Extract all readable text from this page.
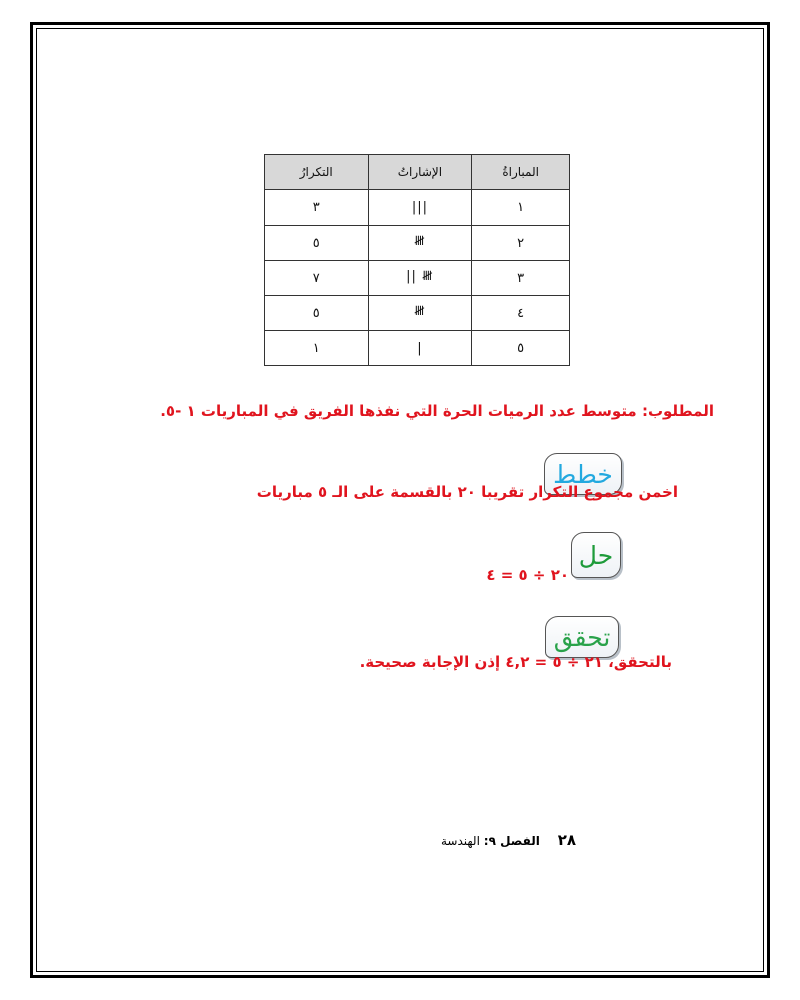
المباراةُ	الإشاراتُ	التكرارُ
١	|||	٣
٢	𝍸	٥
٣	𝍸 ||	٧
٤	𝍸	٥
٥	|	١
المطلوب: متوسط عدد الرميات الحرة التي نفذها الفريق في المباريات ١ -٥.
خطط
اخمن مجموع التكرار تقريبا ٢٠ بالقسمة على الـ ٥ مباريات
حل
٢٠ ÷ ٥ = ٤
تحقق
بالتحقق، ٢١ ÷ ٥ = ٤,٢ إذن الإجابة صحيحة.
٢٨ الفصل ٩: الهندسة
